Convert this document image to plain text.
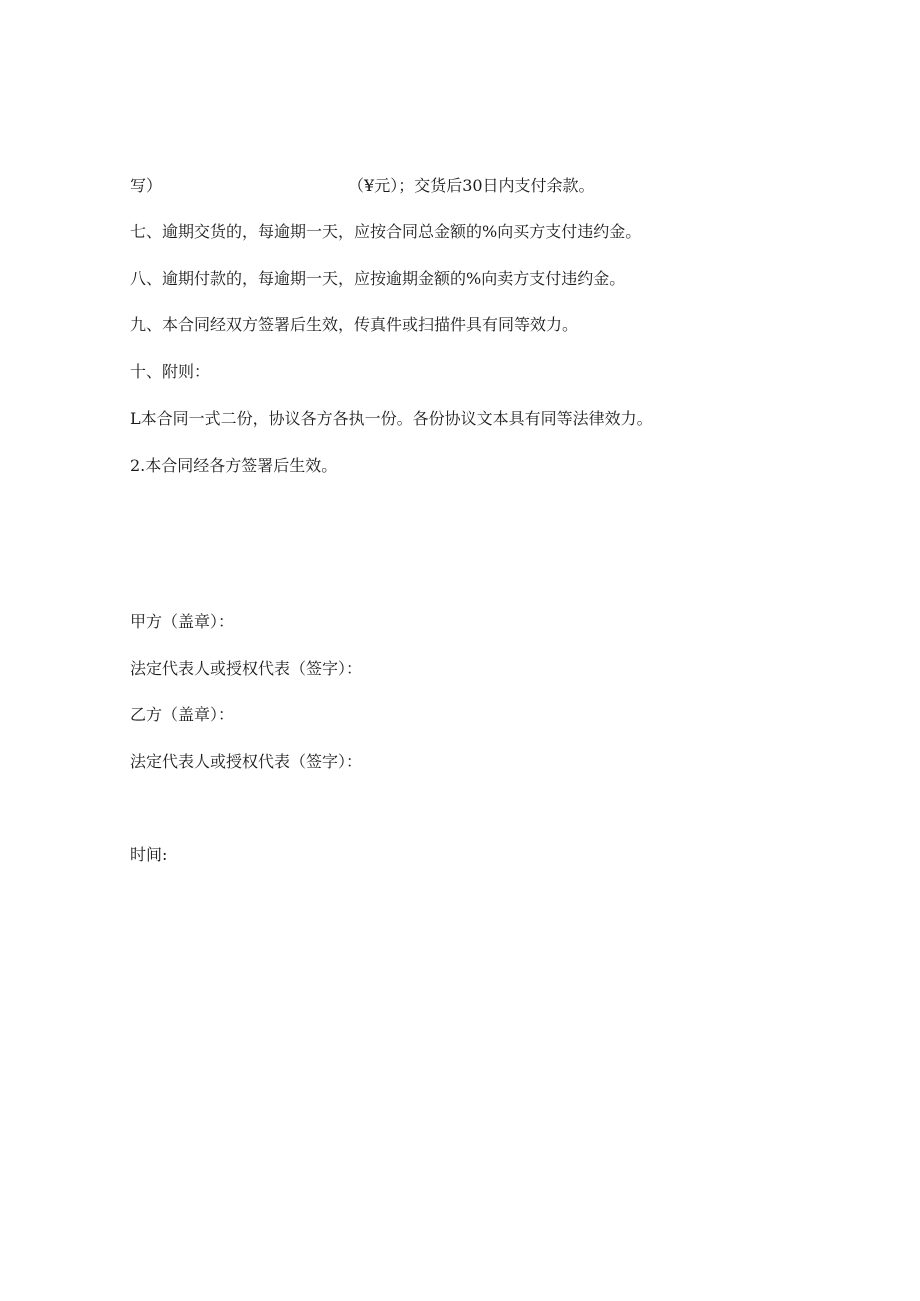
写）	（¥元）；交货后30日内支付余款。
七、逾期交货的，每逾期一天，应按合同总金额的%向买方支付违约金。
八、逾期付款的，每逾期一天，应按逾期金额的%向卖方支付违约金。
九、本合同经双方签署后生效，传真件或扫描件具有同等效力。
十、附则：
L本合同一式二份，协议各方各执一份。各份协议文本具有同等法律效力。
2.本合同经各方签署后生效。
甲方（盖章）：
法定代表人或授权代表（签字）：
乙方（盖章）：
法定代表人或授权代表（签字）：
时间:
